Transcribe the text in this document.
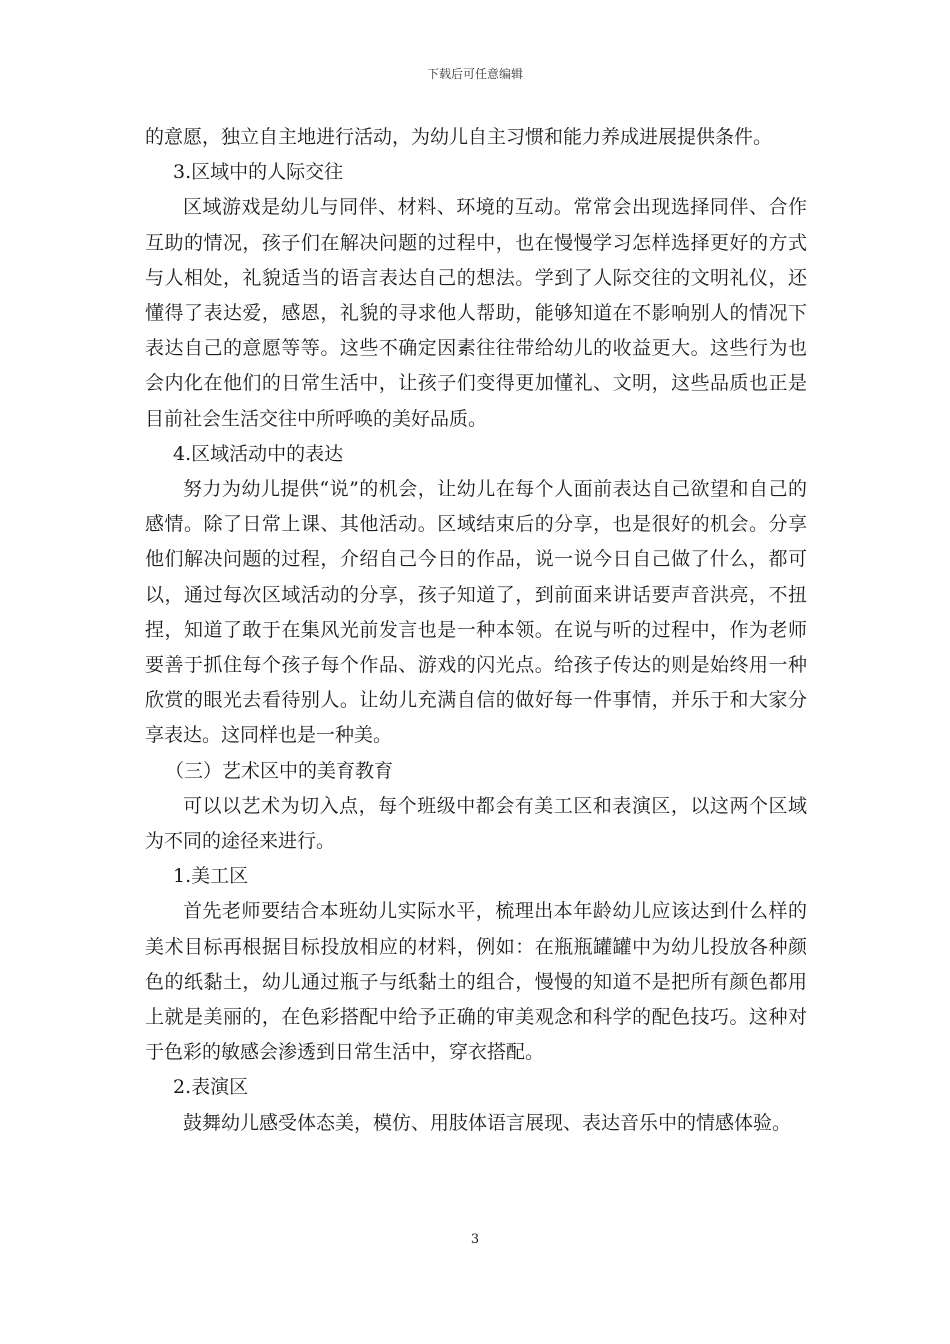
下载后可任意编辑

的意愿，独立自主地进行活动，为幼儿自主习惯和能力养成进展提供条件。

3.区域中的人际交往

区域游戏是幼儿与同伴、材料、环境的互动。常常会出现选择同伴、合作互助的情况，孩子们在解决问题的过程中，也在慢慢学习怎样选择更好的方式与人相处，礼貌适当的语言表达自己的想法。学到了人际交往的文明礼仪，还懂得了表达爱，感恩，礼貌的寻求他人帮助，能够知道在不影响别人的情况下表达自己的意愿等等。这些不确定因素往往带给幼儿的收益更大。这些行为也会内化在他们的日常生活中，让孩子们变得更加懂礼、文明，这些品质也正是目前社会生活交往中所呼唤的美好品质。

4.区域活动中的表达

努力为幼儿提供“说”的机会，让幼儿在每个人面前表达自己欲望和自己的感情。除了日常上课、其他活动。区域结束后的分享，也是很好的机会。分享他们解决问题的过程，介绍自己今日的作品，说一说今日自己做了什么，都可以，通过每次区域活动的分享，孩子知道了，到前面来讲话要声音洪亮，不扭捏，知道了敢于在集风光前发言也是一种本领。在说与听的过程中，作为老师要善于抓住每个孩子每个作品、游戏的闪光点。给孩子传达的则是始终用一种欣赏的眼光去看待别人。让幼儿充满自信的做好每一件事情，并乐于和大家分享表达。这同样也是一种美。

（三）艺术区中的美育教育

可以以艺术为切入点，每个班级中都会有美工区和表演区，以这两个区域为不同的途径来进行。

1.美工区

首先老师要结合本班幼儿实际水平，梳理出本年龄幼儿应该达到什么样的美术目标再根据目标投放相应的材料，例如：在瓶瓶罐罐中为幼儿投放各种颜色的纸黏土，幼儿通过瓶子与纸黏土的组合，慢慢的知道不是把所有颜色都用上就是美丽的，在色彩搭配中给予正确的审美观念和科学的配色技巧。这种对于色彩的敏感会渗透到日常生活中，穿衣搭配。

2.表演区

鼓舞幼儿感受体态美，模仿、用肢体语言展现、表达音乐中的情感体验。

3
